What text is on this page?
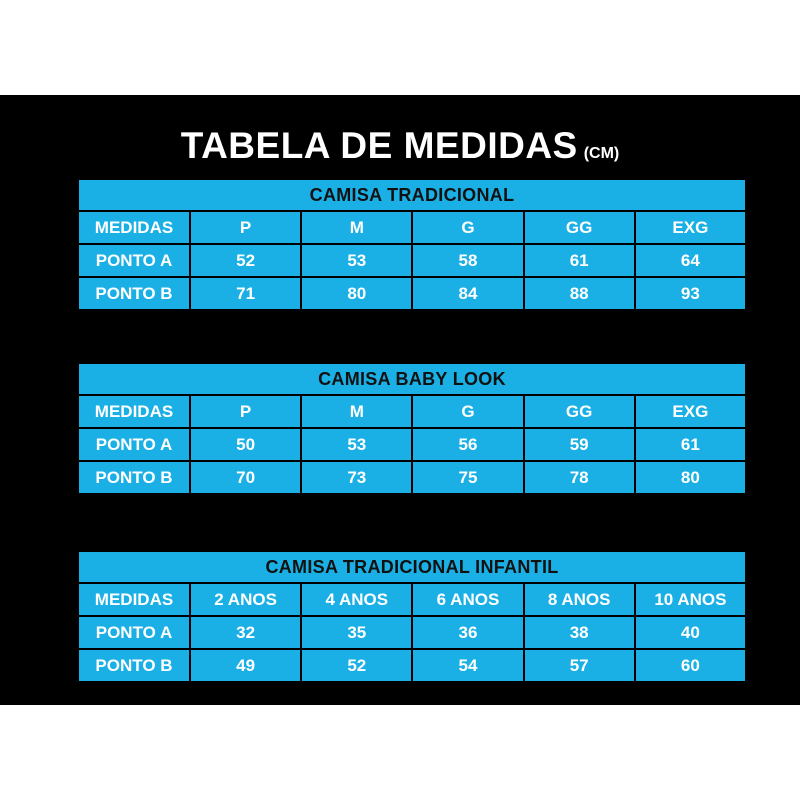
TABELA DE MEDIDAS (CM)
CAMISA TRADICIONAL					
MEDIDAS	P	M	G	GG	EXG
PONTO A	52	53	58	61	64
PONTO B	71	80	84	88	93
CAMISA BABY LOOK					
MEDIDAS	P	M	G	GG	EXG
PONTO A	50	53	56	59	61
PONTO B	70	73	75	78	80
CAMISA TRADICIONAL INFANTIL					
MEDIDAS	2 ANOS	4 ANOS	6 ANOS	8 ANOS	10 ANOS
PONTO A	32	35	36	38	40
PONTO B	49	52	54	57	60
